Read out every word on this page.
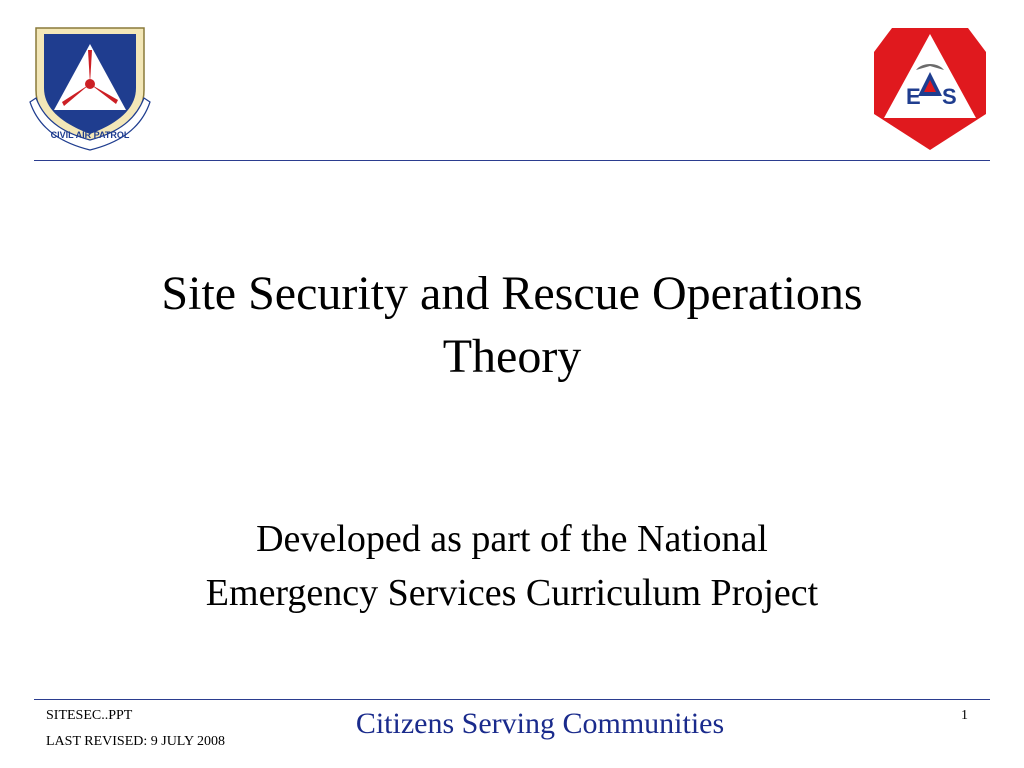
CIVIL AIR PATROL
E S
Site Security and Rescue Operations
Theory
Developed as part of the National
Emergency Services Curriculum Project
SITESEC..PPT
LAST REVISED: 9 JULY 2008
Citizens Serving Communities	1
